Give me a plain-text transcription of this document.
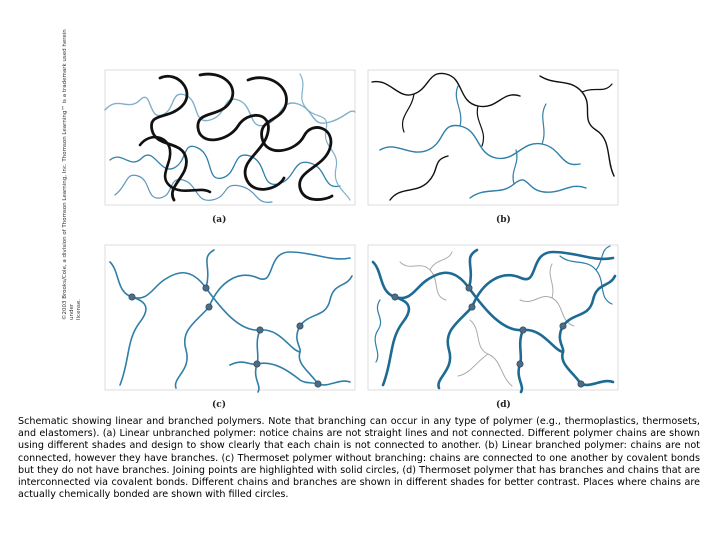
©2003 Brooks/Cole, a division of Thomson Learning, Inc. Thomson Learning™ is a trademark used herein under license.
(a)	(b)
(c)	(d)
Schematic showing linear and branched polymers. Note that branching can occur in any type of polymer (e.g., thermoplastics, thermosets, and elastomers). (a) Linear unbranched polymer: notice chains are not straight lines and not connected. Different polymer chains are shown using different shades and design to show clearly that each chain is not connected to another. (b) Linear branched polymer: chains are not connected, however they have branches. (c) Thermoset polymer without branching: chains are connected to one another by covalent bonds but they do not have branches. Joining points are highlighted with solid circles, (d) Thermoset polymer that has branches and chains that are interconnected via covalent bonds. Different chains and branches are shown in different shades for better contrast. Places where chains are actually chemically bonded are shown with filled circles.
